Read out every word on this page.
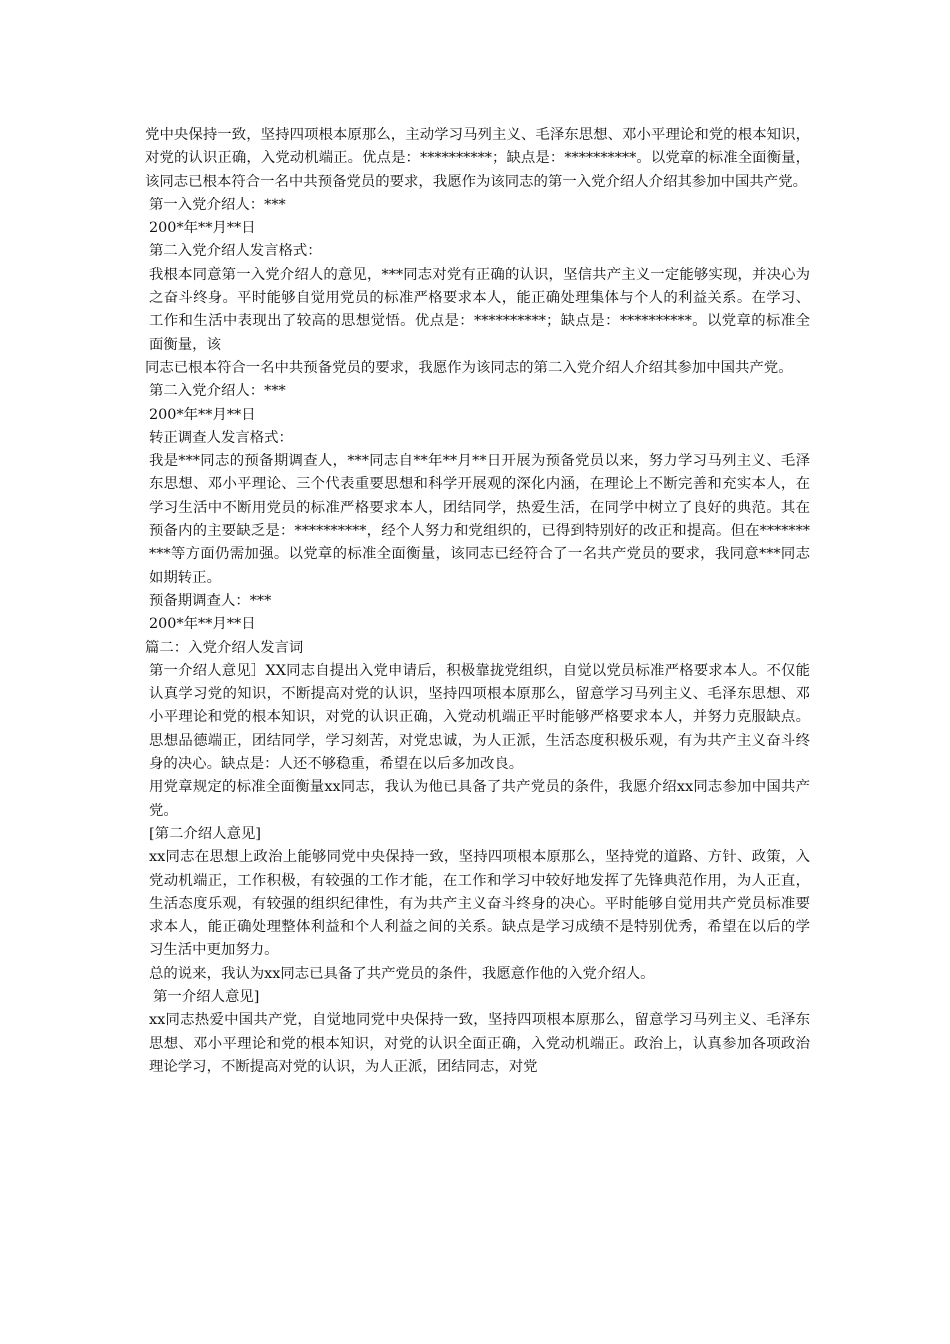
党中央保持一致，坚持四项根本原那么，主动学习马列主义、毛泽东思想、邓小平理论和党的根本知识，对党的认识正确，入党动机端正。优点是：**********；缺点是：**********。以党章的标准全面衡量，该同志已根本符合一名中共预备党员的要求，我愿作为该同志的第一入党介绍人介绍其参加中国共产党。

第一入党介绍人：***

200*年**月**日

第二入党介绍人发言格式：

我根本同意第一入党介绍人的意见，***同志对党有正确的认识，坚信共产主义一定能够实现，并决心为之奋斗终身。平时能够自觉用党员的标准严格要求本人，能正确处理集体与个人的利益关系。在学习、工作和生活中表现出了较高的思想觉悟。优点是：**********；缺点是：**********。以党章的标准全面衡量，该

同志已根本符合一名中共预备党员的要求，我愿作为该同志的第二入党介绍人介绍其参加中国共产党。

第二入党介绍人：***

200*年**月**日

转正调查人发言格式：

我是***同志的预备期调查人，***同志自**年**月**日开展为预备党员以来，努力学习马列主义、毛泽东思想、邓小平理论、三个代表重要思想和科学开展观的深化内涵，在理论上不断完善和充实本人，在学习生活中不断用党员的标准严格要求本人，团结同学，热爱生活，在同学中树立了良好的典范。其在预备内的主要缺乏是：**********，经个人努力和党组织的，已得到特别好的改正和提高。但在**********等方面仍需加强。以党章的标准全面衡量，该同志已经符合了一名共产党员的要求，我同意***同志如期转正。

预备期调查人：***

200*年**月**日

篇二：入党介绍人发言词

第一介绍人意见］XX同志自提出入党申请后，积极靠拢党组织，自觉以党员标准严格要求本人。不仅能认真学习党的知识，不断提高对党的认识，坚持四项根本原那么，留意学习马列主义、毛泽东思想、邓小平理论和党的根本知识，对党的认识正确，入党动机端正平时能够严格要求本人，并努力克服缺点。思想品德端正，团结同学，学习刻苦，对党忠诚，为人正派，生活态度积极乐观，有为共产主义奋斗终身的决心。缺点是：人还不够稳重，希望在以后多加改良。

用党章规定的标准全面衡量xx同志，我认为他已具备了共产党员的条件，我愿介绍xx同志参加中国共产党。

[第二介绍人意见]

xx同志在思想上政治上能够同党中央保持一致，坚持四项根本原那么，坚持党的道路、方针、政策，入党动机端正，工作积极，有较强的工作才能，在工作和学习中较好地发挥了先锋典范作用，为人正直，生活态度乐观，有较强的组织纪律性，有为共产主义奋斗终身的决心。平时能够自觉用共产党员标准要求本人，能正确处理整体利益和个人利益之间的关系。缺点是学习成绩不是特别优秀，希望在以后的学习生活中更加努力。

总的说来，我认为xx同志已具备了共产党员的条件，我愿意作他的入党介绍人。

第一介绍人意见]

xx同志热爱中国共产党，自觉地同党中央保持一致，坚持四项根本原那么，留意学习马列主义、毛泽东思想、邓小平理论和党的根本知识，对党的认识全面正确，入党动机端正。政治上，认真参加各项政治理论学习，不断提高对党的认识，为人正派，团结同志，对党
